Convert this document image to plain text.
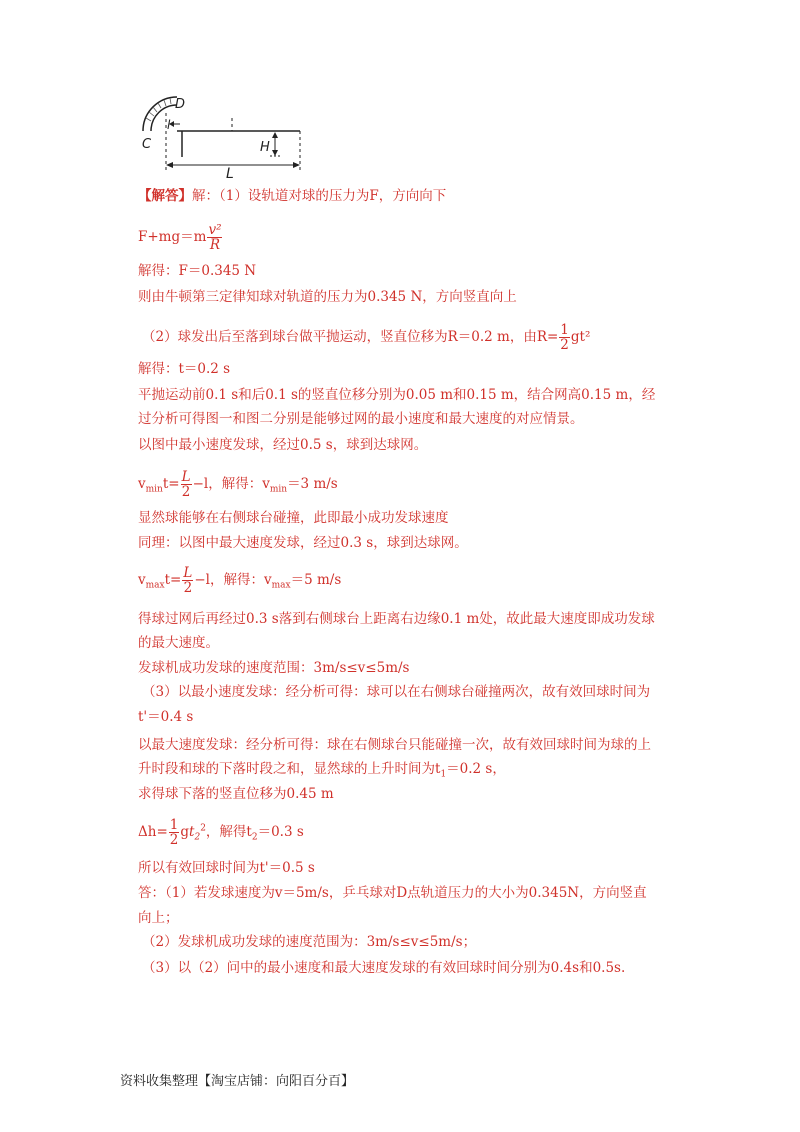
D
C
l
H
L
【解答】解：（1）设轨道对球的压力为F，方向向下
$F+mg=m \frac{\text{v²}}{R}$
解得：F＝0.345 N
则由牛顿第三定律知球对轨道的压力为0.345 N，方向竖直向上
（2）球发出后至落到球台做平抛运动，竖直位移为R＝0.2 m，由$R= \frac{1}{2} gt^2$
解得：t＝0.2 s
平抛运动前0.1 s和后0.1 s的竖直位移分别为0.05 m和0.15 m，结合网高0.15 m，经
过分析可得图一和图二分别是能够过网的最小速度和最大速度的对应情景。
以图中最小速度发球，经过0.5 s，球到达球网。
$v_{min}t= \frac{L}{2} -l$，解得：$v_{min}=3$ m/s
显然球能够在右侧球台碰撞，此即最小成功发球速度
同理：以图中最大速度发球，经过0.3 s，球到达球网。
$v_{max}t= \frac{L}{2} -l$，解得：$v_{max}=5$ m/s
得球过网后再经过0.3 s落到右侧球台上距离右边缘0.1 m处，故此最大速度即成功发球
的最大速度。
发球机成功发球的速度范围：3m/s≤v≤5m/s
（3）以最小速度发球：经分析可得：球可以在右侧球台碰撞两次，故有效回球时间为
t'＝0.4 s
以最大速度发球：经分析可得：球在右侧球台只能碰撞一次，故有效回球时间为球的上
升时段和球的下落时段之和，显然球的上升时间为$t_1=0.2$ s，
求得球下落的竖直位移为0.45 m
$\Delta h= \frac{1}{2} gt_2^2$，解得$t_2=0.3$ s
所以有效回球时间为t'＝0.5 s
答：（1）若发球速度为v＝5m/s，乒乓球对D点轨道压力的大小为0.345N，方向竖直
向上；
（2）发球机成功发球的速度范围为：3m/s≤v≤5m/s；
（3）以（2）问中的最小速度和最大速度发球的有效回球时间分别为0.4s和0.5s.
资料收集整理【淘宝店铺：向阳百分百】
